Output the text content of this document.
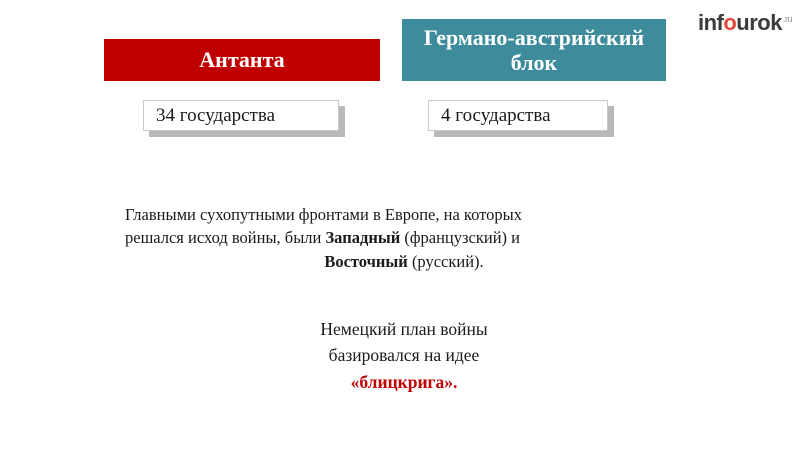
infourok$^{.ru}$
Антанта
Германо-австрийский блок
34 государства	4 государства
Главными сухопутными фронтами в Европе, на которых
решался исход войны, были Западный (французский) и
Восточный (русский).
Немецкий план войны
базировался на идее
«блицкрига».
